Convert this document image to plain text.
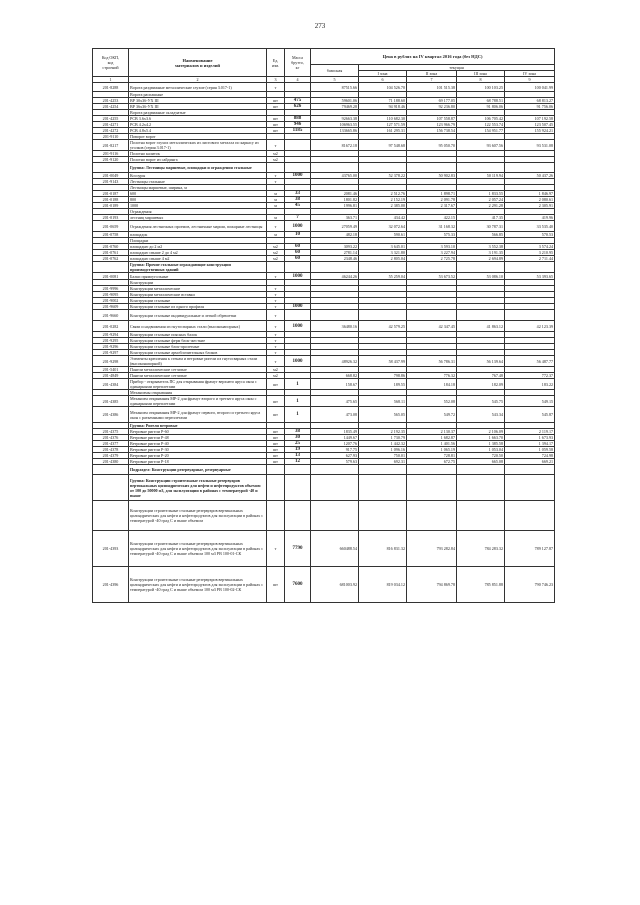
273
Код ОКП,
код
строений	Наименование
материалов и изделий	Ед.
изм.	Масса
брутто,
кг	Цена в рублях на IV квартал 2016 года (без НДС)				
				базисная	текущая			
					I зона	II зона	III зона	IV зона
1	2	3	4	5	6	7	8	9
201-8288	Ворота раздвижные металлические глухие (серия 3.017-1)	т		87515.66	104 526.70	101 515.38	100 103.25	100 041.99
	Ворота распашные							
201-4253	ВР 30x36-УХ III	шт	475	59601.06	71 188.60	69 177.05	68 788.51	68 813.27
201-4254	ВР 36x36-УХ III	шт	626	79469.28	94 918.46	92 236.80	91 806.06	91 756.06
	Ворота раздвижные складчатые							
201-4255	РСВ 3.6х3.6	шт	888	92663.38	110 682.30	107 558.87	106 705.42	107 192.58
201-4271	РСВ 4.2х4.2	шт	946	106963.55	127 571.59	123 966.79	122 553.74	123 507.45
201-4272	РСВ 4.8х5.4	шт	1185	133665.86	161 295.31	156 738.54	154 951.77	155 924.21
201-9110	Поворот ворот							
201-8217	Полотна ворот глухих металлических из листового металла по каркасу из уголков (серия 3.017-1)	т		81672.18	97 548.68	95 050.70	93 607.56	93 531.08
201-9116	Полотно калиток	м2						
201-9120	Полотно ворот из сайдинга	м2						
	Группа: Лестницы маршевые, площадки и ограждения стальные							
201-0049	Косоуры	т	1000	43765.00	52 378.22	50 902.83	50 119.94	50 437.26
201-9143	Лестницы стальные	т						
	Лестницы маршевые, ширина, м							
201-0187	600	м	33	2081.46	2 512.76	1 898.71	1 833.55	1 846.97
201-0188	800	м	38	1801.82	2 152.19	2 091.78	2 057.24	2 080.61
201-0189	1000	м	45	1996.81	2 385.00	2 317.67	2 291.28	2 305.91
	Ограждения							
201-0193	лестниц маршевых	м	7	363.71	434.42	422.15	417.35	419.96
201-0659	Ограждения лестничных проемов, лестничные марши, пожарные лестницы	т	1000	27059.49	32 072.64	31 168.32	30 787.31	33 535.40
201-0758	площадок	м	10	482.18	590.61	575.33	566.85	570.53
	Площадки							
201-0760	площадью до 2 м2	м2	60	3093.22	3 645.01	3 593.10	3 552.38	3 574.24
201-0761	площадью свыше 2 до 4 м2	м2	60	2781.14	3 321.80	3 227.94	3 191.35	3 210.95
201-0762	площадью свыше 4 м2	м2	60	2348.46	2 805.04	2 725.78	2 694.89	2 711.44
	Группа: Прочие стальные ограждающие конструкции производственных зданий							
201-0081	Балки прямоугольные	т	1000	46244.26	55 259.04	53 673.52	53 086.10	53 393.65
	Конструкции							
201-9996	Конструкции металлические	т						
201-9095	Конструкции металлические вставки	т						
201-9002	Конструкции стальные	т						
201-9609	Конструкции стальные из одного профиля	т	1000					
201-9660	Конструкции стальные индивидуальные и легкой обрешетки	т						
201-0282	Связи и надвижения из гнутосварных стали (высоконапорных)	т	1000	36480.16	42 579.25	42 347.45	41 863.12	42 123.39
201-9294	Конструкции стальные поясных балок	т						
201-9295	Конструкции стальные ферм блок-жесткие	т						
201-9296	Конструкции стальные блок-пролетные	т						
201-9297	Конструкции стальные армоблочительных блоков	т						
201-9298	Элементы крепления к стенам и ветровые ригели из гнутосварных стали (высоконапорной)	т	1000	48926.32	58 437.99	56 786.31	56 139.64	56 487.77
201-5401	Панели металлические сетчатые	м2						
201-4849	Панели металлические сетчатые	м2		668.82	798.86	776.32	767.48	772.37
201-4384	Прибор - открыватель ПС для открывания фрамуг верхнего яруса окон с одинарными переплетами	шт	1	158.67	189.55	184.18	182.09	183.22
	Механизмы открывания							
201-4385	Механизм открывания МР-2 для фрамуг второго и третьего яруса окон с одинарными переплетами	шт	1	475.65	568.11	552.08	545.75	549.15
201-4386	Механизм открывания МР-2 для фрамуг первого, второго и третьего яруса окон с разъемными переплетами	шт	1	473.08	565.05	549.72	543.34	545.87
	Группа: Ригели ветровые							
201-4375	Ветровые ригели Р-60	шт	38	1835.49	2 192.35	2 130.37	2 106.09	2 119.17
201-4376	Ветровые ригели Р-48	шт	30	1449.67	1 730.79	1 682.87	1 663.70	1 673.93
201-4377	Ветровые ригели Р-40	шт	25	1207.76	1 442.32	1 401.56	1 385.58	1 394.17
201-4378	Ветровые ригели Р-30	шт	19	917.75	1 096.16	1 065.19	1 053.04	1 059.58
201-4379	Ветровые ригели Р-20	шт	13	627.93	750.01	728.81	720.50	724.98
201-4380	Ветровые ригели Р-18	шт	12	579.63	692.31	672.75	665.08	669.21
	Подраздел: Конструкции резервуарные, резервуарные							
	Группа: Конструкции строительные стальные резервуаров вертикальных цилиндрических для нефти и нефтепродуктов объемом от 100 до 50000 м3, для эксплуатации в районах с температурой -40 и выше							
	Конструкции строительные стальные резервуаров вертикальных цилиндрических для нефти и нефтепродуктов для эксплуатации в районах с температурой -40 град С и выше объемом							
201-4393	Конструкции строительные стальные резервуаров вертикальных цилиндрических для нефти и нефтепродуктов для эксплуатации в районах с температурой -40 град С и выше объемом 100 м3 РВ 100-01-СК	т	7790	660488.54	816 831.32	793 282.84	784 283.32	789 127.87
201-4396	Конструкции строительные стальные резервуаров вертикальных цилиндрических для нефти и нефтепродуктов для эксплуатации в районах с температурой -40 град С и выше объемом 100 м3 РВ 100-02-СК	шт	7600	681003.92	819 034.12	794 869.78	785 851.88	790 746.23
